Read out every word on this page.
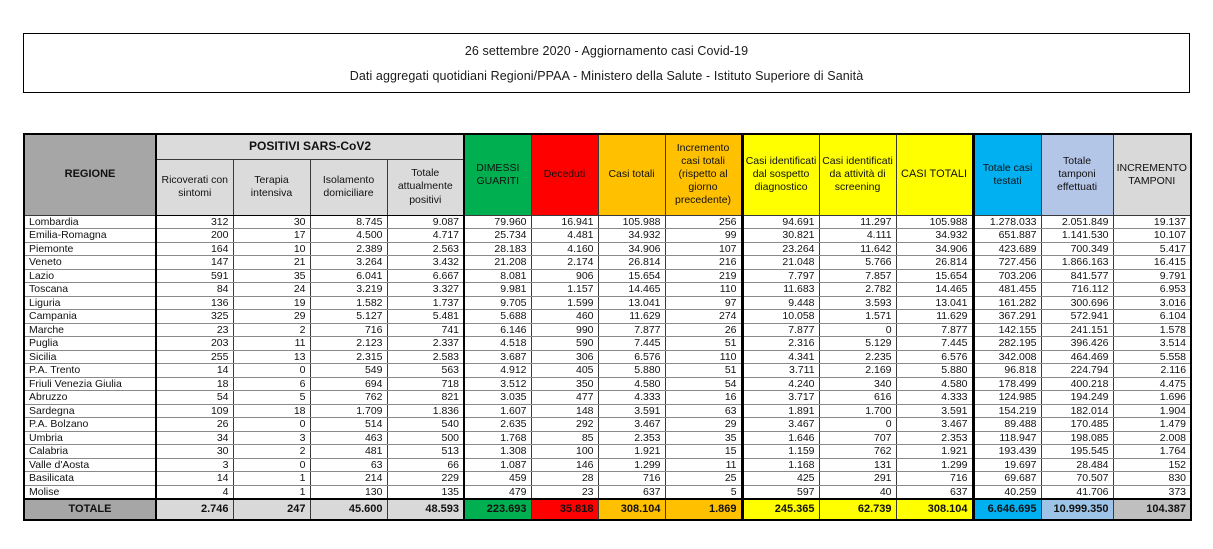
26 settembre 2020 - Aggiornamento casi Covid-19
Dati aggregati quotidiani Regioni/PPAA - Ministero della Salute - Istituto Superiore di Sanità
REGIONE	POSITIVI SARS-CoV2				DIMESSI GUARITI	Deceduti	Casi totali	Incremento casi totali (rispetto al giorno precedente)	Casi identificati dal sospetto diagnostico	Casi identificati da attività di screening	CASI TOTALI	Totale casi testati	Totale tamponi effettuati	INCREMENTO TAMPONI
	Ricoverati con sintomi	Terapia intensiva	Isolamento domiciliare	Totale attualmente positivi										
Lombardia	312	30	8.745	9.087	79.960	16.941	105.988	256	94.691	11.297	105.988	1.278.033	2.051.849	19.137
Emilia-Romagna	200	17	4.500	4.717	25.734	4.481	34.932	99	30.821	4.111	34.932	651.887	1.141.530	10.107
Piemonte	164	10	2.389	2.563	28.183	4.160	34.906	107	23.264	11.642	34.906	423.689	700.349	5.417
Veneto	147	21	3.264	3.432	21.208	2.174	26.814	216	21.048	5.766	26.814	727.456	1.866.163	16.415
Lazio	591	35	6.041	6.667	8.081	906	15.654	219	7.797	7.857	15.654	703.206	841.577	9.791
Toscana	84	24	3.219	3.327	9.981	1.157	14.465	110	11.683	2.782	14.465	481.455	716.112	6.953
Liguria	136	19	1.582	1.737	9.705	1.599	13.041	97	9.448	3.593	13.041	161.282	300.696	3.016
Campania	325	29	5.127	5.481	5.688	460	11.629	274	10.058	1.571	11.629	367.291	572.941	6.104
Marche	23	2	716	741	6.146	990	7.877	26	7.877	0	7.877	142.155	241.151	1.578
Puglia	203	11	2.123	2.337	4.518	590	7.445	51	2.316	5.129	7.445	282.195	396.426	3.514
Sicilia	255	13	2.315	2.583	3.687	306	6.576	110	4.341	2.235	6.576	342.008	464.469	5.558
P.A. Trento	14	0	549	563	4.912	405	5.880	51	3.711	2.169	5.880	96.818	224.794	2.116
Friuli Venezia Giulia	18	6	694	718	3.512	350	4.580	54	4.240	340	4.580	178.499	400.218	4.475
Abruzzo	54	5	762	821	3.035	477	4.333	16	3.717	616	4.333	124.985	194.249	1.696
Sardegna	109	18	1.709	1.836	1.607	148	3.591	63	1.891	1.700	3.591	154.219	182.014	1.904
P.A. Bolzano	26	0	514	540	2.635	292	3.467	29	3.467	0	3.467	89.488	170.485	1.479
Umbria	34	3	463	500	1.768	85	2.353	35	1.646	707	2.353	118.947	198.085	2.008
Calabria	30	2	481	513	1.308	100	1.921	15	1.159	762	1.921	193.439	195.545	1.764
Valle d'Aosta	3	0	63	66	1.087	146	1.299	11	1.168	131	1.299	19.697	28.484	152
Basilicata	14	1	214	229	459	28	716	25	425	291	716	69.687	70.507	830
Molise	4	1	130	135	479	23	637	5	597	40	637	40.259	41.706	373
TOTALE	2.746	247	45.600	48.593	223.693	35.818	308.104	1.869	245.365	62.739	308.104	6.646.695	10.999.350	104.387
